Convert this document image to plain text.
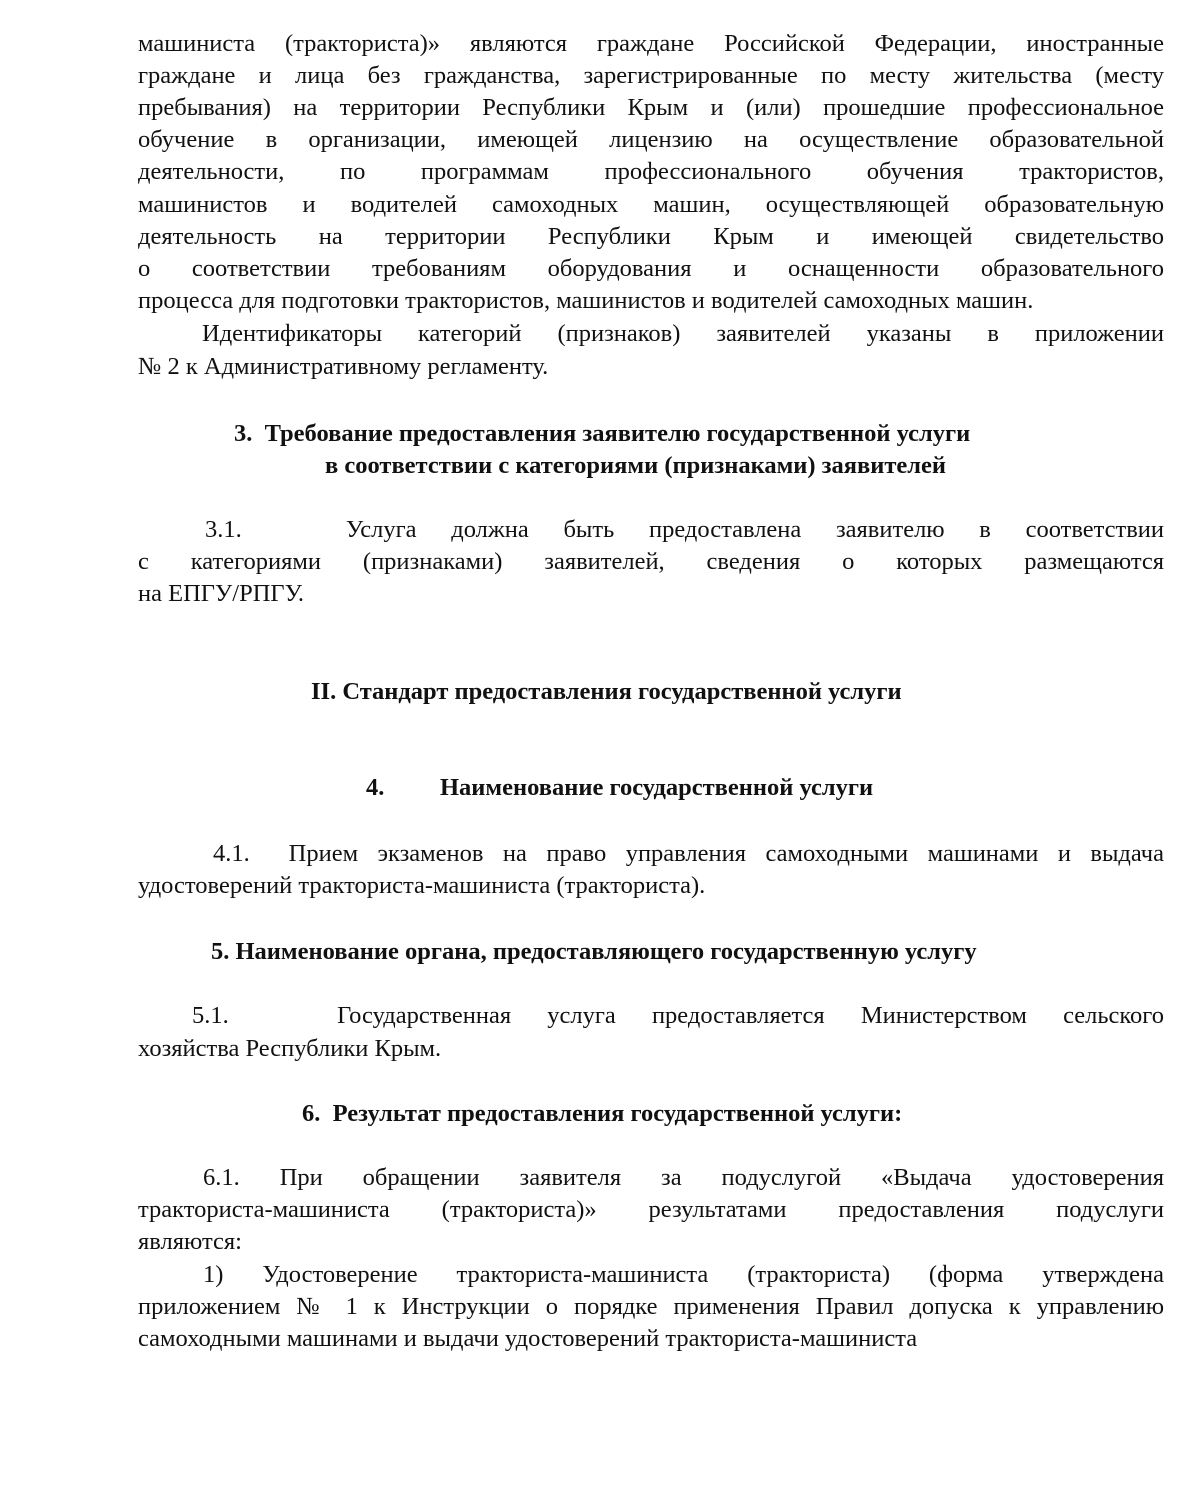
машиниста (тракториста)» являются граждане Российской Федерации, иностранные
граждане и лица без гражданства, зарегистрированные по месту жительства (месту
пребывания) на территории Республики Крым и (или) прошедшие профессиональное
обучение в организации, имеющей лицензию на осуществление образовательной
деятельности, по программам профессионального обучения трактористов,
машинистов и водителей самоходных машин, осуществляющей образовательную
деятельность на территории Республики Крым и имеющей свидетельство
о соответствии требованиям оборудования и оснащенности образовательного
процесса для подготовки трактористов, машинистов и водителей самоходных машин.
Идентификаторы категорий (признаков) заявителей указаны в приложении
№ 2 к Административному регламенту.
3.  Требование предоставления заявителю государственной услуги
в соответствии с категориями (признаками) заявителей
3.1.   Услуга должна быть предоставлена заявителю в соответствии
с категориями (признаками) заявителей, сведения о которых размещаются
на ЕПГУ/РПГУ.
II. Стандарт предоставления государственной услуги
4. Наименование государственной услуги
4.1.  Прием экзаменов на право управления самоходными машинами и выдача
удостоверений тракториста-машиниста (тракториста).
5. Наименование органа, предоставляющего государственную услугу
5.1.   Государственная услуга предоставляется Министерством сельского
хозяйства Республики Крым.
6.  Результат предоставления государственной услуги:
6.1. При обращении заявителя за подуслугой «Выдача удостоверения
тракториста-машиниста (тракториста)» результатами предоставления подуслуги
являются:
1) Удостоверение тракториста-машиниста (тракториста) (форма утверждена
приложением № 1 к Инструкции о порядке применения Правил допуска к управлению
самоходными машинами и выдачи удостоверений тракториста-машиниста
